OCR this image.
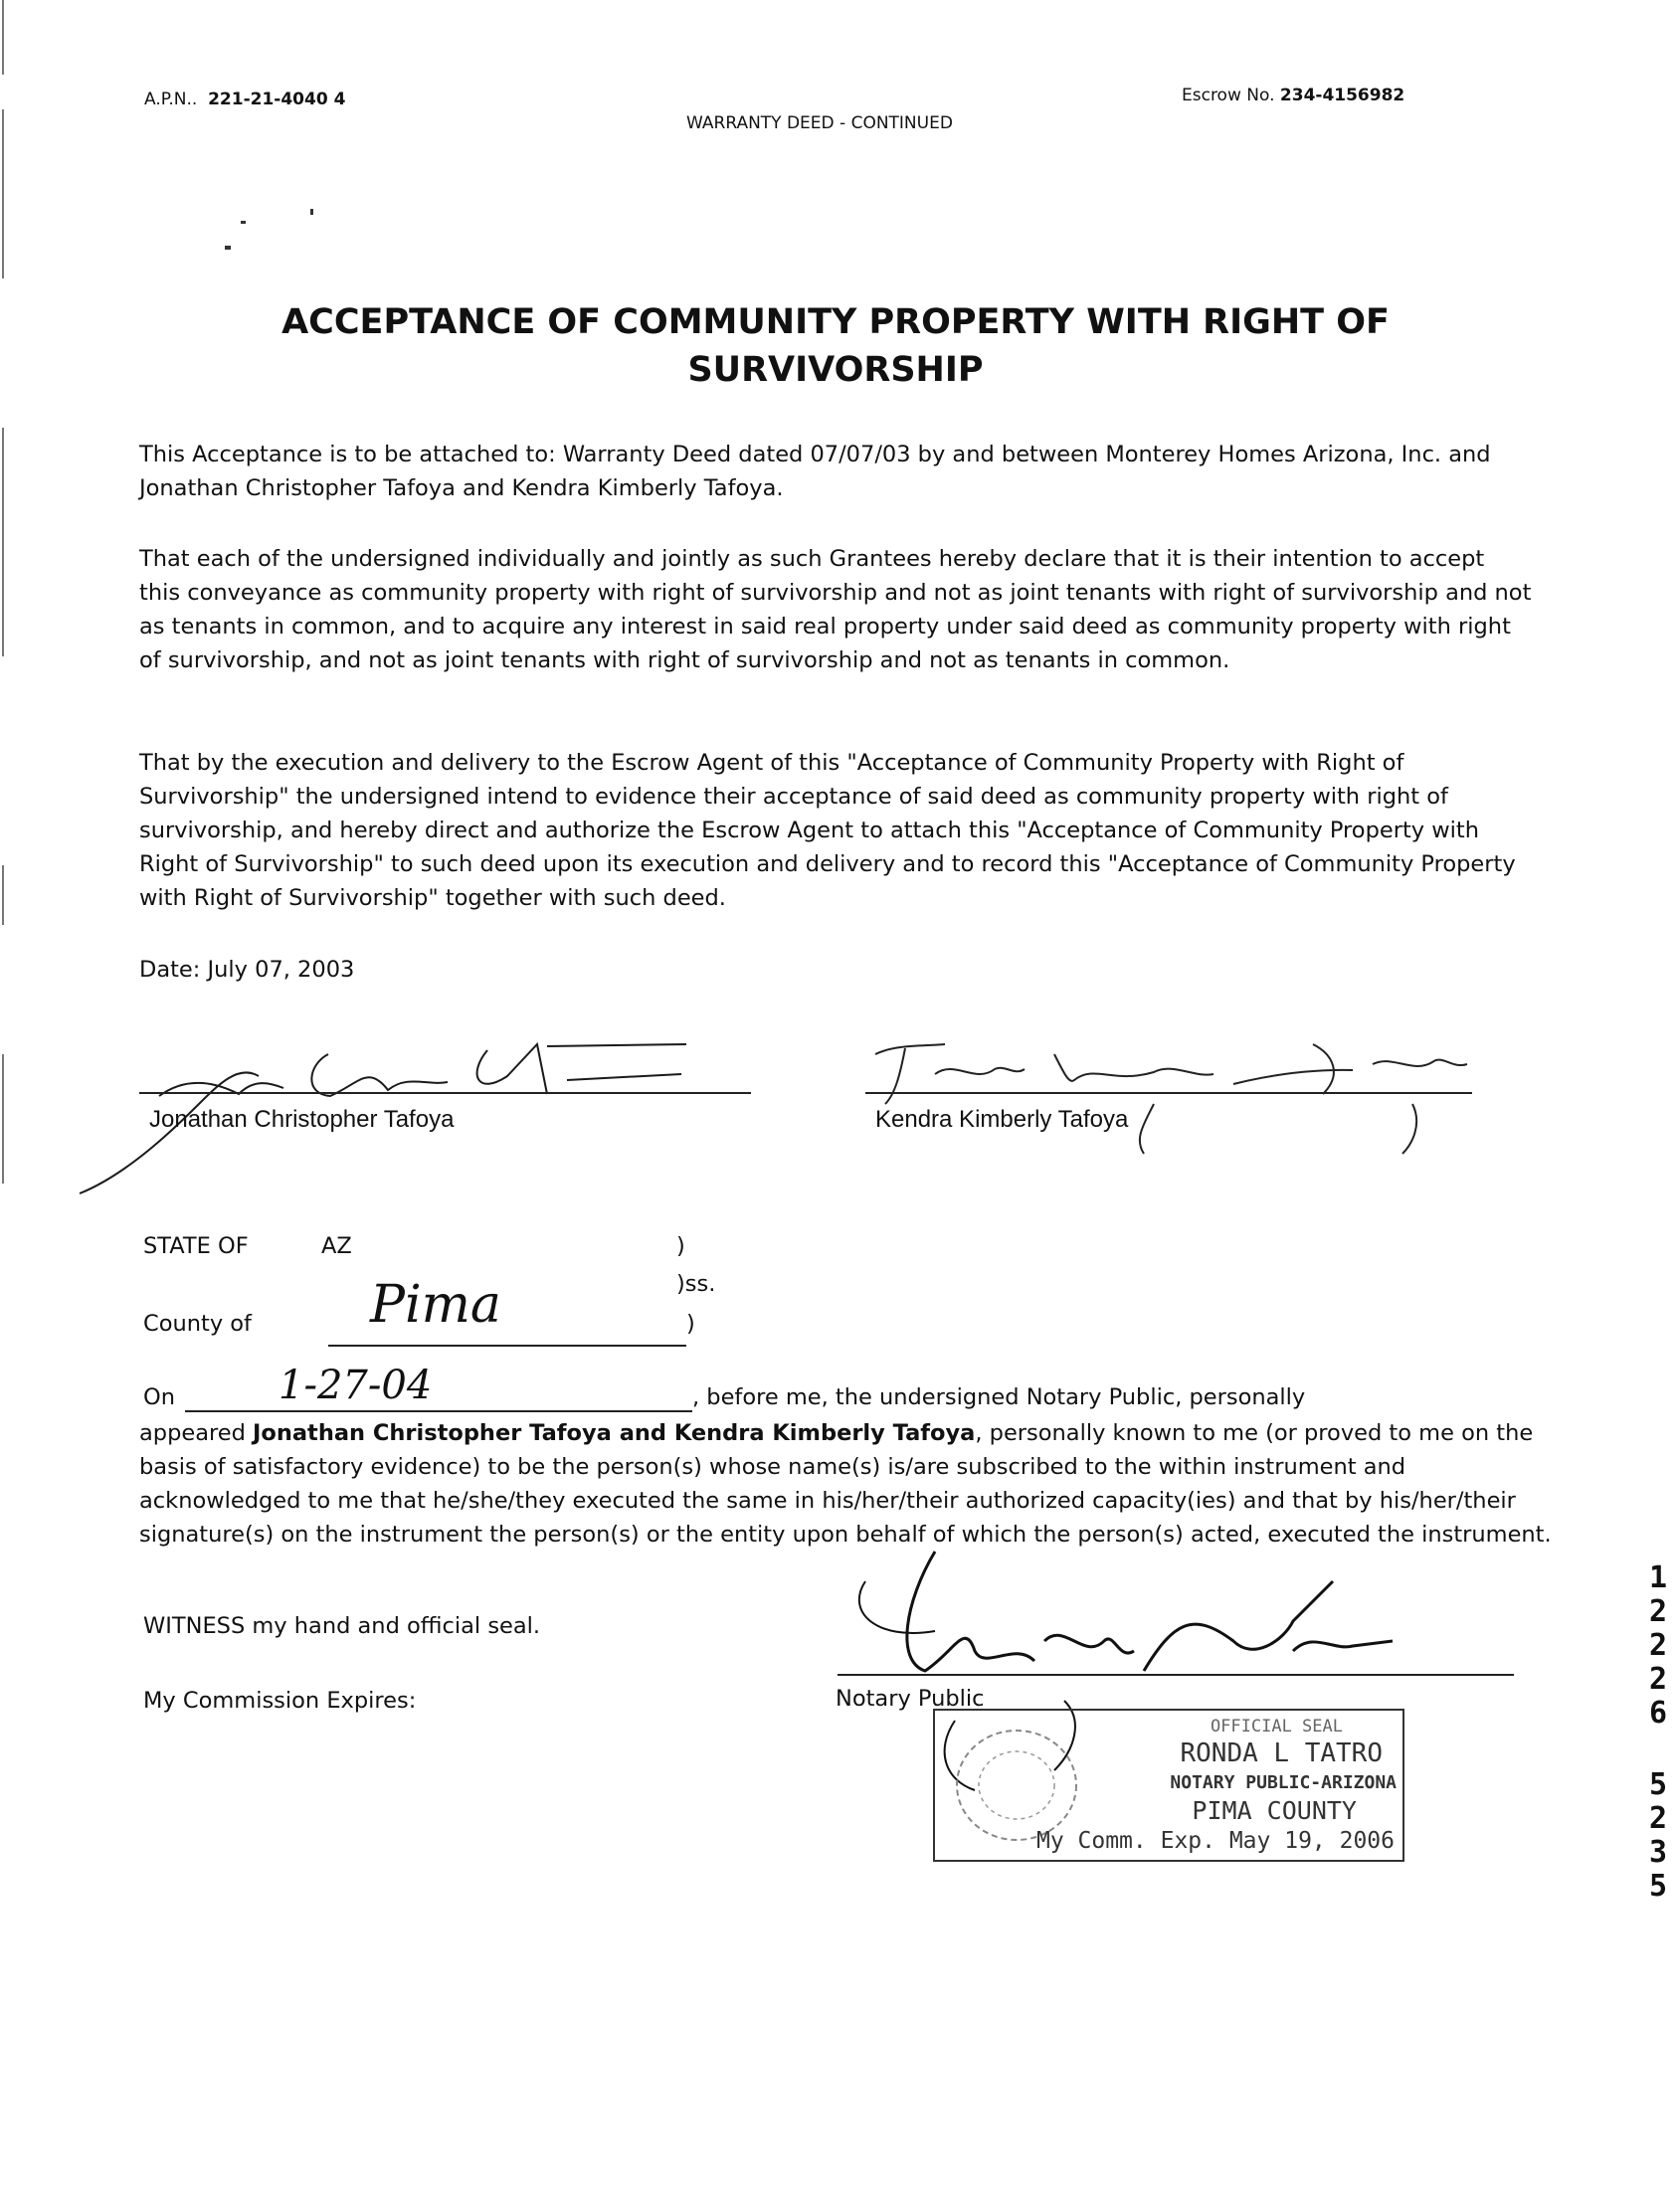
A.P.N.. 221-21-4040 4	Escrow No. 234-4156982
WARRANTY DEED - CONTINUED
ACCEPTANCE OF COMMUNITY PROPERTY WITH RIGHT OF
SURVIVORSHIP

This Acceptance is to be attached to: Warranty Deed dated 07/07/03 by and between Monterey Homes Arizona, Inc. and Jonathan Christopher Tafoya and Kendra Kimberly Tafoya.

That each of the undersigned individually and jointly as such Grantees hereby declare that it is their intention to accept this conveyance as community property with right of survivorship and not as joint tenants with right of survivorship and not as tenants in common, and to acquire any interest in said real property under said deed as community property with right of survivorship, and not as joint tenants with right of survivorship and not as tenants in common.

That by the execution and delivery to the Escrow Agent of this "Acceptance of Community Property with Right of Survivorship" the undersigned intend to evidence their acceptance of said deed as community property with right of survivorship, and hereby direct and authorize the Escrow Agent to attach this "Acceptance of Community Property with Right of Survivorship" to such deed upon its execution and delivery and to record this "Acceptance of Community Property with Right of Survivorship" together with such deed.

Date: July 07, 2003
Jonathan Christopher Tafoya	Kendra Kimberly Tafoya
STATE OF	AZ	)
)ss.
)
County of Pima
On	1-27-04	, before me, the undersigned Notary Public, personally

appeared Jonathan Christopher Tafoya and Kendra Kimberly Tafoya, personally known to me (or proved to me on the basis of satisfactory evidence) to be the person(s) whose name(s) is/are subscribed to the within instrument and acknowledged to me that he/she/they executed the same in his/her/their authorized capacity(ies) and that by his/her/their signature(s) on the instrument the person(s) or the entity upon behalf of which the person(s) acted, executed the instrument.

WITNESS my hand and official seal.
My Commission Expires:	Notary Public
OFFICIAL SEAL
RONDA L TATRO
NOTARY PUBLIC-ARIZONA
PIMA COUNTY
My Comm. Exp. May 19, 2006
1
2
2
2
6
5
2
3
5
